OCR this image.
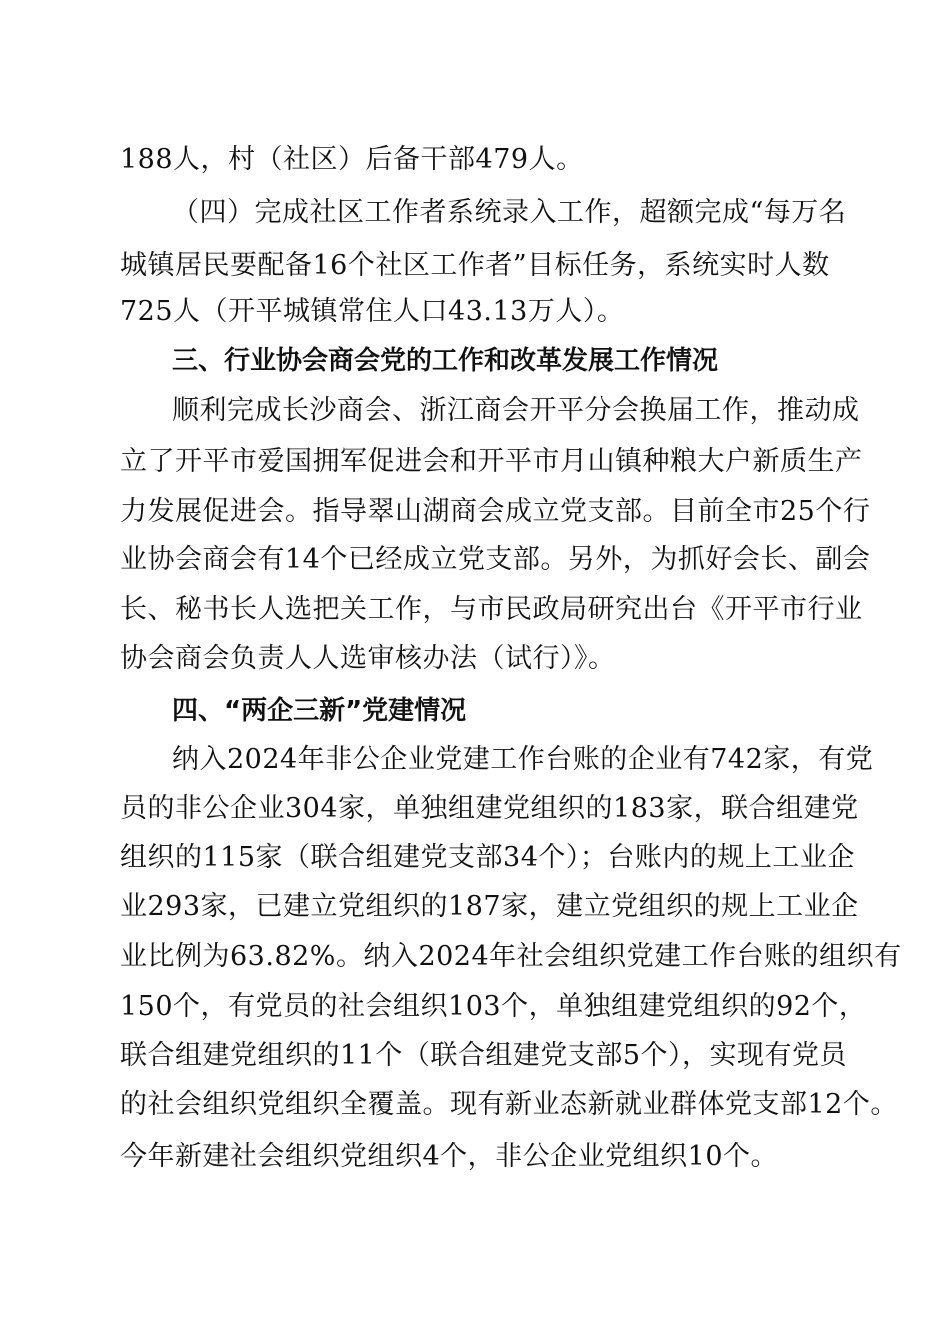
188人，村（社区）后备干部479人。
（四）完成社区工作者系统录入工作，超额完成“每万名
城镇居民要配备16个社区工作者”目标任务，系统实时人数
725人（开平城镇常住人口43.13万人）。
三、行业协会商会党的工作和改革发展工作情况
顺利完成长沙商会、浙江商会开平分会换届工作，推动成
立了开平市爱国拥军促进会和开平市月山镇种粮大户新质生产
力发展促进会。指导翠山湖商会成立党支部。目前全市25个行
业协会商会有14个已经成立党支部。另外，为抓好会长、副会
长、秘书长人选把关工作，与市民政局研究出台《开平市行业
协会商会负责人人选审核办法（试行）》。
四、“两企三新”党建情况
纳入2024年非公企业党建工作台账的企业有742家，有党
员的非公企业304家，单独组建党组织的183家，联合组建党
组织的115家（联合组建党支部34个）；台账内的规上工业企
业293家，已建立党组织的187家，建立党组织的规上工业企
业比例为63.82%。纳入2024年社会组织党建工作台账的组织有
150个，有党员的社会组织103个，单独组建党组织的92个，
联合组建党组织的11个（联合组建党支部5个），实现有党员
的社会组织党组织全覆盖。现有新业态新就业群体党支部12个。
今年新建社会组织党组织4个，非公企业党组织10个。
